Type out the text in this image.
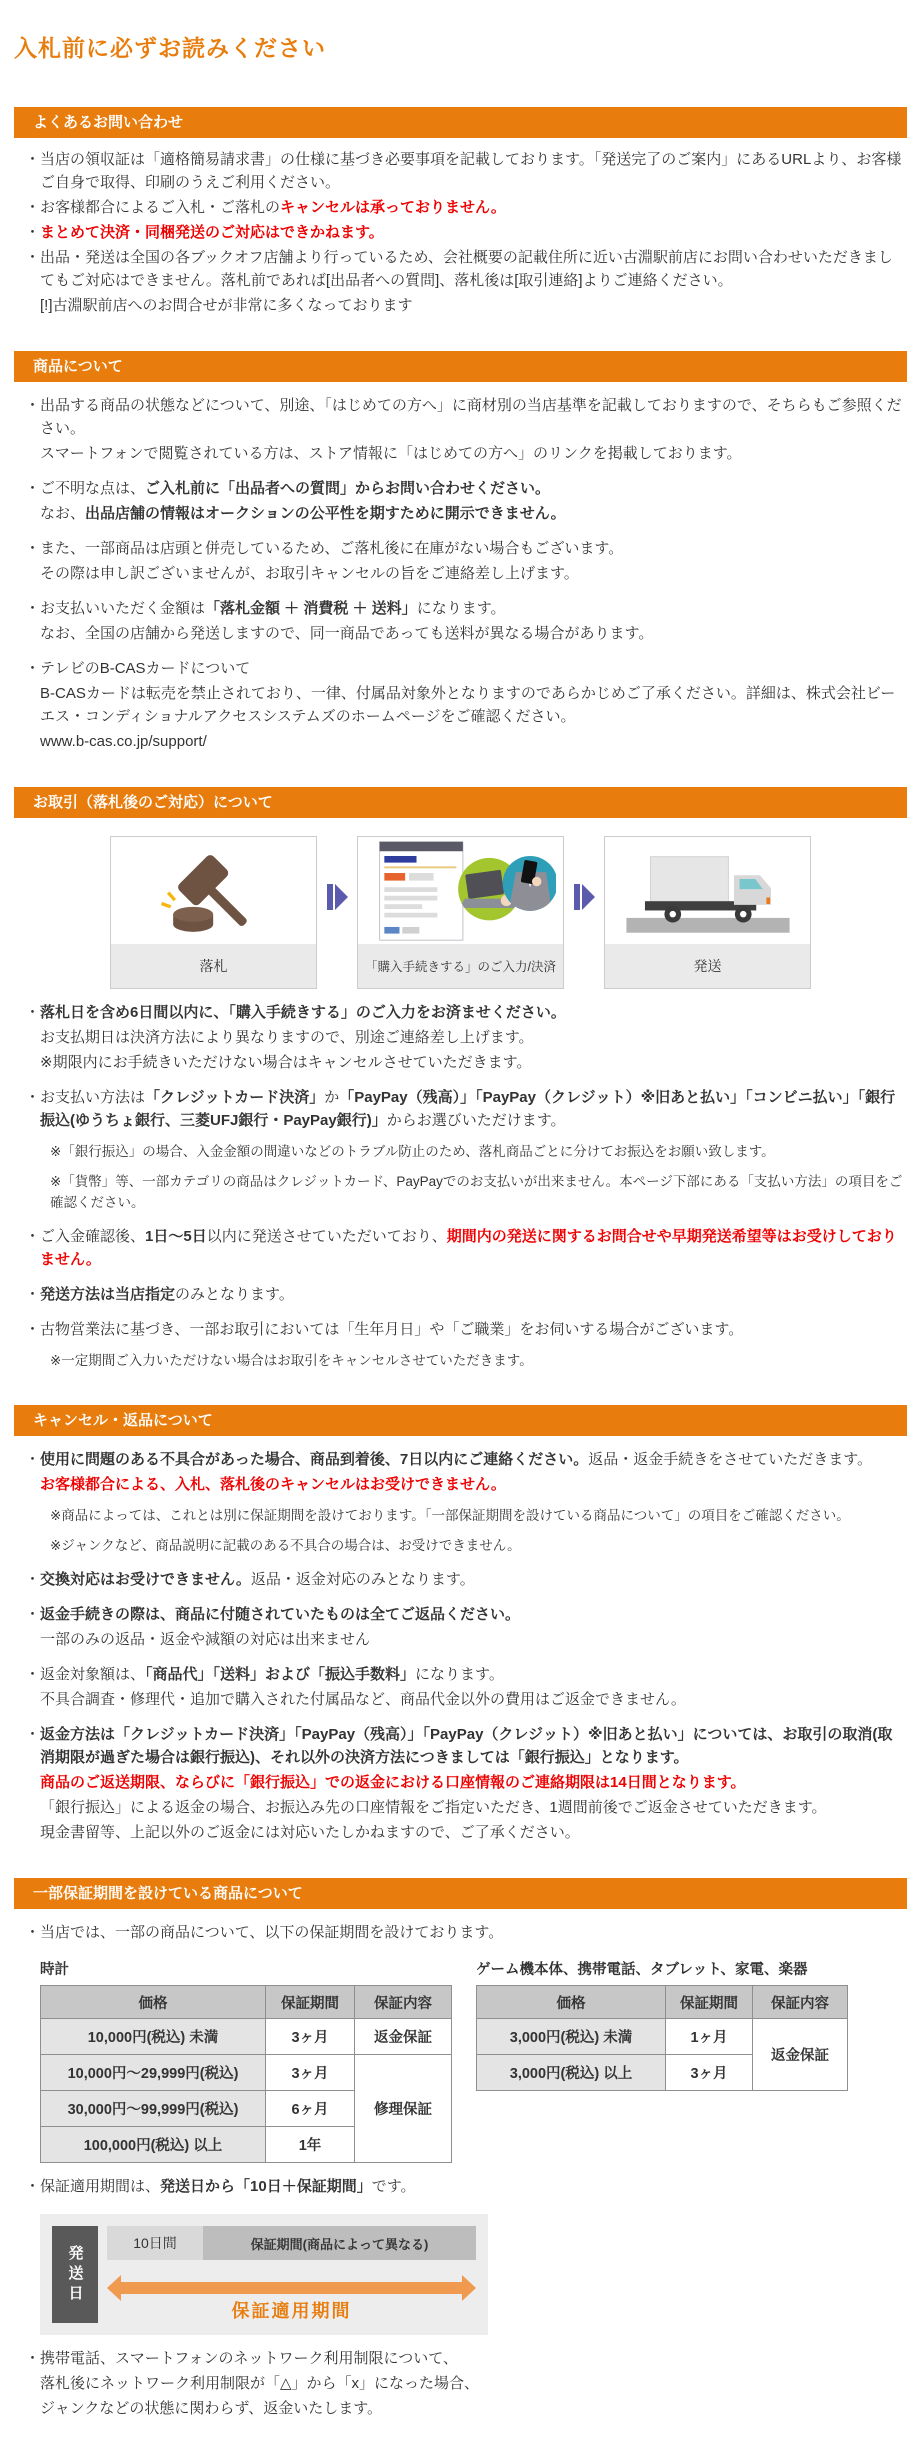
入札前に必ずお読みください
よくあるお問い合わせ
・ 当店の領収証は「適格簡易請求書」の仕様に基づき必要事項を記載しております。「発送完了のご案内」にあるURLより、お客様ご自身で取得、印刷のうえご利用ください。
・ お客様都合によるご入札・ご落札のキャンセルは承っておりません。
・ まとめて決済・同梱発送のご対応はできかねます。
・ 出品・発送は全国の各ブックオフ店舗より行っているため、会社概要の記載住所に近い古淵駅前店にお問い合わせいただきましてもご対応はできません。落札前であれば[出品者への質問]、落札後は[取引連絡]よりご連絡ください。
[!]古淵駅前店へのお問合せが非常に多くなっております
商品について
・ 出品する商品の状態などについて、別途、「はじめての方へ」に商材別の当店基準を記載しておりますので、そちらもご参照ください。
スマートフォンで閲覧されている方は、ストア情報に「はじめての方へ」のリンクを掲載しております。
・ ご不明な点は、ご入札前に「出品者への質問」からお問い合わせください。
なお、出品店舗の情報はオークションの公平性を期すために開示できません。
・ また、一部商品は店頭と併売しているため、ご落札後に在庫がない場合もございます。
その際は申し訳ございませんが、お取引キャンセルの旨をご連絡差し上げます。
・ お支払いいただく金額は「落札金額 ＋ 消費税 ＋ 送料」になります。
なお、全国の店舗から発送しますので、同一商品であっても送料が異なる場合があります。
・ テレビのB-CASカードについて
B-CASカードは転売を禁止されており、一律、付属品対象外となりますのであらかじめご了承ください。詳細は、株式会社ビーエス・コンディショナルアクセスシステムズのホームページをご確認ください。
www.b-cas.co.jp/support/
お取引（落札後のご対応）について
落札	「購入手続きする」のご入力/決済	発送
・ 落札日を含め6日間以内に、「購入手続きする」のご入力をお済ませください。
お支払期日は決済方法により異なりますので、別途ご連絡差し上げます。
※期限内にお手続きいただけない場合はキャンセルさせていただきます。
・ お支払い方法は「クレジットカード決済」か「PayPay（残高）」「PayPay（クレジット）※旧あと払い」「コンビニ払い」「銀行振込(ゆうちょ銀行、三菱UFJ銀行・PayPay銀行)」からお選びいただけます。
※「銀行振込」の場合、入金金額の間違いなどのトラブル防止のため、落札商品ごとに分けてお振込をお願い致します。
※「貨幣」等、一部カテゴリの商品はクレジットカード、PayPayでのお支払いが出来ません。本ページ下部にある「支払い方法」の項目をご確認ください。
・ ご入金確認後、1日～5日以内に発送させていただいており、期間内の発送に関するお問合せや早期発送希望等はお受けしておりません。
・ 発送方法は当店指定のみとなります。
・ 古物営業法に基づき、一部お取引においては「生年月日」や「ご職業」をお伺いする場合がございます。
※一定期間ご入力いただけない場合はお取引をキャンセルさせていただきます。
キャンセル・返品について
・ 使用に問題のある不具合があった場合、商品到着後、7日以内にご連絡ください。返品・返金手続きをさせていただきます。
お客様都合による、入札、落札後のキャンセルはお受けできません。
※商品によっては、これとは別に保証期間を設けております。「一部保証期間を設けている商品について」の項目をご確認ください。
※ジャンクなど、商品説明に記載のある不具合の場合は、お受けできません。
・ 交換対応はお受けできません。返品・返金対応のみとなります。
・ 返金手続きの際は、商品に付随されていたものは全てご返品ください。
一部のみの返品・返金や減額の対応は出来ません
・ 返金対象額は、「商品代」「送料」および「振込手数料」になります。
不具合調査・修理代・追加で購入された付属品など、商品代金以外の費用はご返金できません。
・ 返金方法は「クレジットカード決済」「PayPay（残高）」「PayPay（クレジット）※旧あと払い」については、お取引の取消(取消期限が過ぎた場合は銀行振込)、それ以外の決済方法につきましては「銀行振込」となります。
商品のご返送期限、ならびに「銀行振込」での返金における口座情報のご連絡期限は14日間となります。
「銀行振込」による返金の場合、お振込み先の口座情報をご指定いただき、1週間前後でご返金させていただきます。
現金書留等、上記以外のご返金には対応いたしかねますので、ご了承ください。
一部保証期間を設けている商品について
・ 当店では、一部の商品について、以下の保証期間を設けております。
時計
価格	保証期間	保証内容
10,000円(税込) 未満	3ヶ月	返金保証
10,000円～29,999円(税込)	3ヶ月	修理保証
30,000円～99,999円(税込)	6ヶ月	
100,000円(税込) 以上	1年	
ゲーム機本体、携帯電話、タブレット、家電、楽器
価格	保証期間	保証内容
3,000円(税込) 未満	1ヶ月	返金保証
3,000円(税込) 以上	3ヶ月	
・ 保証適用期間は、発送日から「10日＋保証期間」です。
発送日
10日間	保証期間(商品によって異なる)
保証適用期間
・ 携帯電話、スマートフォンのネットワーク利用制限について、
落札後にネットワーク利用制限が「△」から「x」になった場合、
ジャンクなどの状態に関わらず、返金いたします。
